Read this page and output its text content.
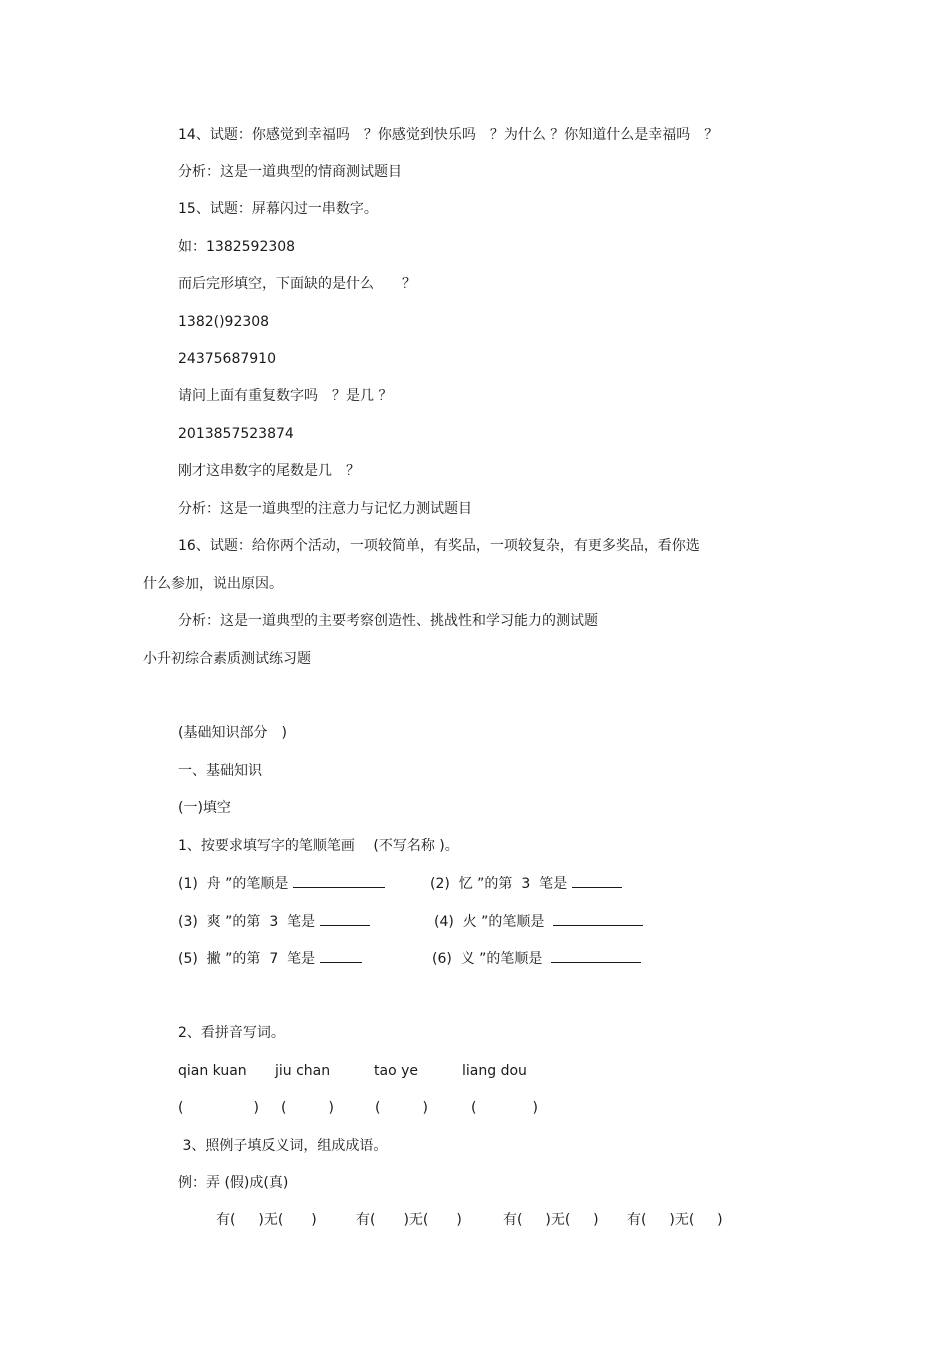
14、试题：你感觉到幸福吗　？你感觉到快乐吗　？为什么 ？你知道什么是幸福吗　？
分析：这是一道典型的情商测试题目
15、试题：屏幕闪过一串数字。
如：1382592308
而后完形填空，下面缺的是什么　　？
1382()92308
24375687910
请问上面有重复数字吗　？是几 ？
2013857523874
刚才这串数字的尾数是几　？
分析：这是一道典型的注意力与记忆力测试题目
16、试题：给你两个活动，一项较简单，有奖品，一项较复杂，有更多奖品，看你选
什么参加，说出原因。
分析：这是一道典型的主要考察创造性、挑战性和学习能力的测试题
小升初综合素质测试练习题
(基础知识部分　)
一、基础知识
(一)填空
1、按要求填写字的笔顺笔画　 (不写名称 )。
(1)  舟 ”的笔顺是	(2)  忆 ”的第  3  笔是
(3)  爽 ”的第  3  笔是	(4)  火 ”的笔顺是
(5)  撇 ”的第  7  笔是	(6)  义 ”的笔顺是
2、看拼音写词。
qian kuan jiu chan	tao ye	liang dou
(　　　　　) (　　　)	(　　　)	(　　　　)
3、照例子填反义词，组成成语。
例：弄 (假)成(真)
有(　  )无(　　)	有(　　)无(　　)	有(　  )无(　  ) 有(　  )无(　  )
